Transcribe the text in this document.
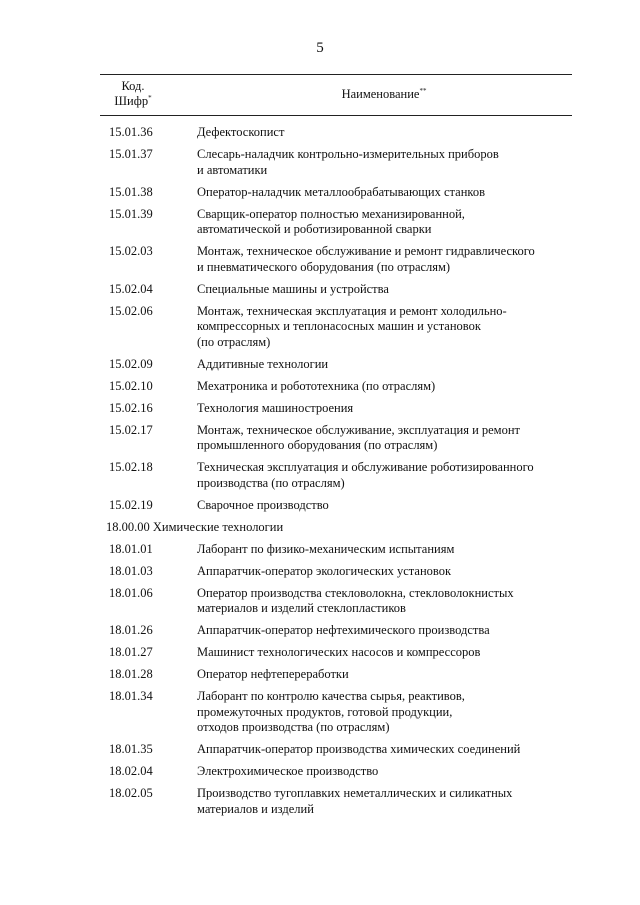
5
Код.
Шифр*	Наименование**
15.01.36	Дефектоскопист
15.01.37	Слесарь-наладчик контрольно-измерительных приборов
и автоматики
15.01.38	Оператор-наладчик металлообрабатывающих станков
15.01.39	Сварщик-оператор полностью механизированной,
автоматической и роботизированной сварки
15.02.03	Монтаж, техническое обслуживание и ремонт гидравлического
и пневматического оборудования (по отраслям)
15.02.04	Специальные машины и устройства
15.02.06	Монтаж, техническая эксплуатация и ремонт холодильно-
компрессорных и теплонасосных машин и установок
(по отраслям)
15.02.09	Аддитивные технологии
15.02.10	Мехатроника и робототехника (по отраслям)
15.02.16	Технология машиностроения
15.02.17	Монтаж, техническое обслуживание, эксплуатация и ремонт
промышленного оборудования (по отраслям)
15.02.18	Техническая эксплуатация и обслуживание роботизированного
производства (по отраслям)
15.02.19	Сварочное производство
18.00.00 Химические технологии
18.01.01	Лаборант по физико-механическим испытаниям
18.01.03	Аппаратчик-оператор экологических установок
18.01.06	Оператор производства стекловолокна, стекловолокнистых
материалов и изделий стеклопластиков
18.01.26	Аппаратчик-оператор нефтехимического производства
18.01.27	Машинист технологических насосов и компрессоров
18.01.28	Оператор нефтепереработки
18.01.34	Лаборант по контролю качества сырья, реактивов,
промежуточных продуктов, готовой продукции,
отходов производства (по отраслям)
18.01.35	Аппаратчик-оператор производства химических соединений
18.02.04	Электрохимическое производство
18.02.05	Производство тугоплавких неметаллических и силикатных
материалов и изделий
